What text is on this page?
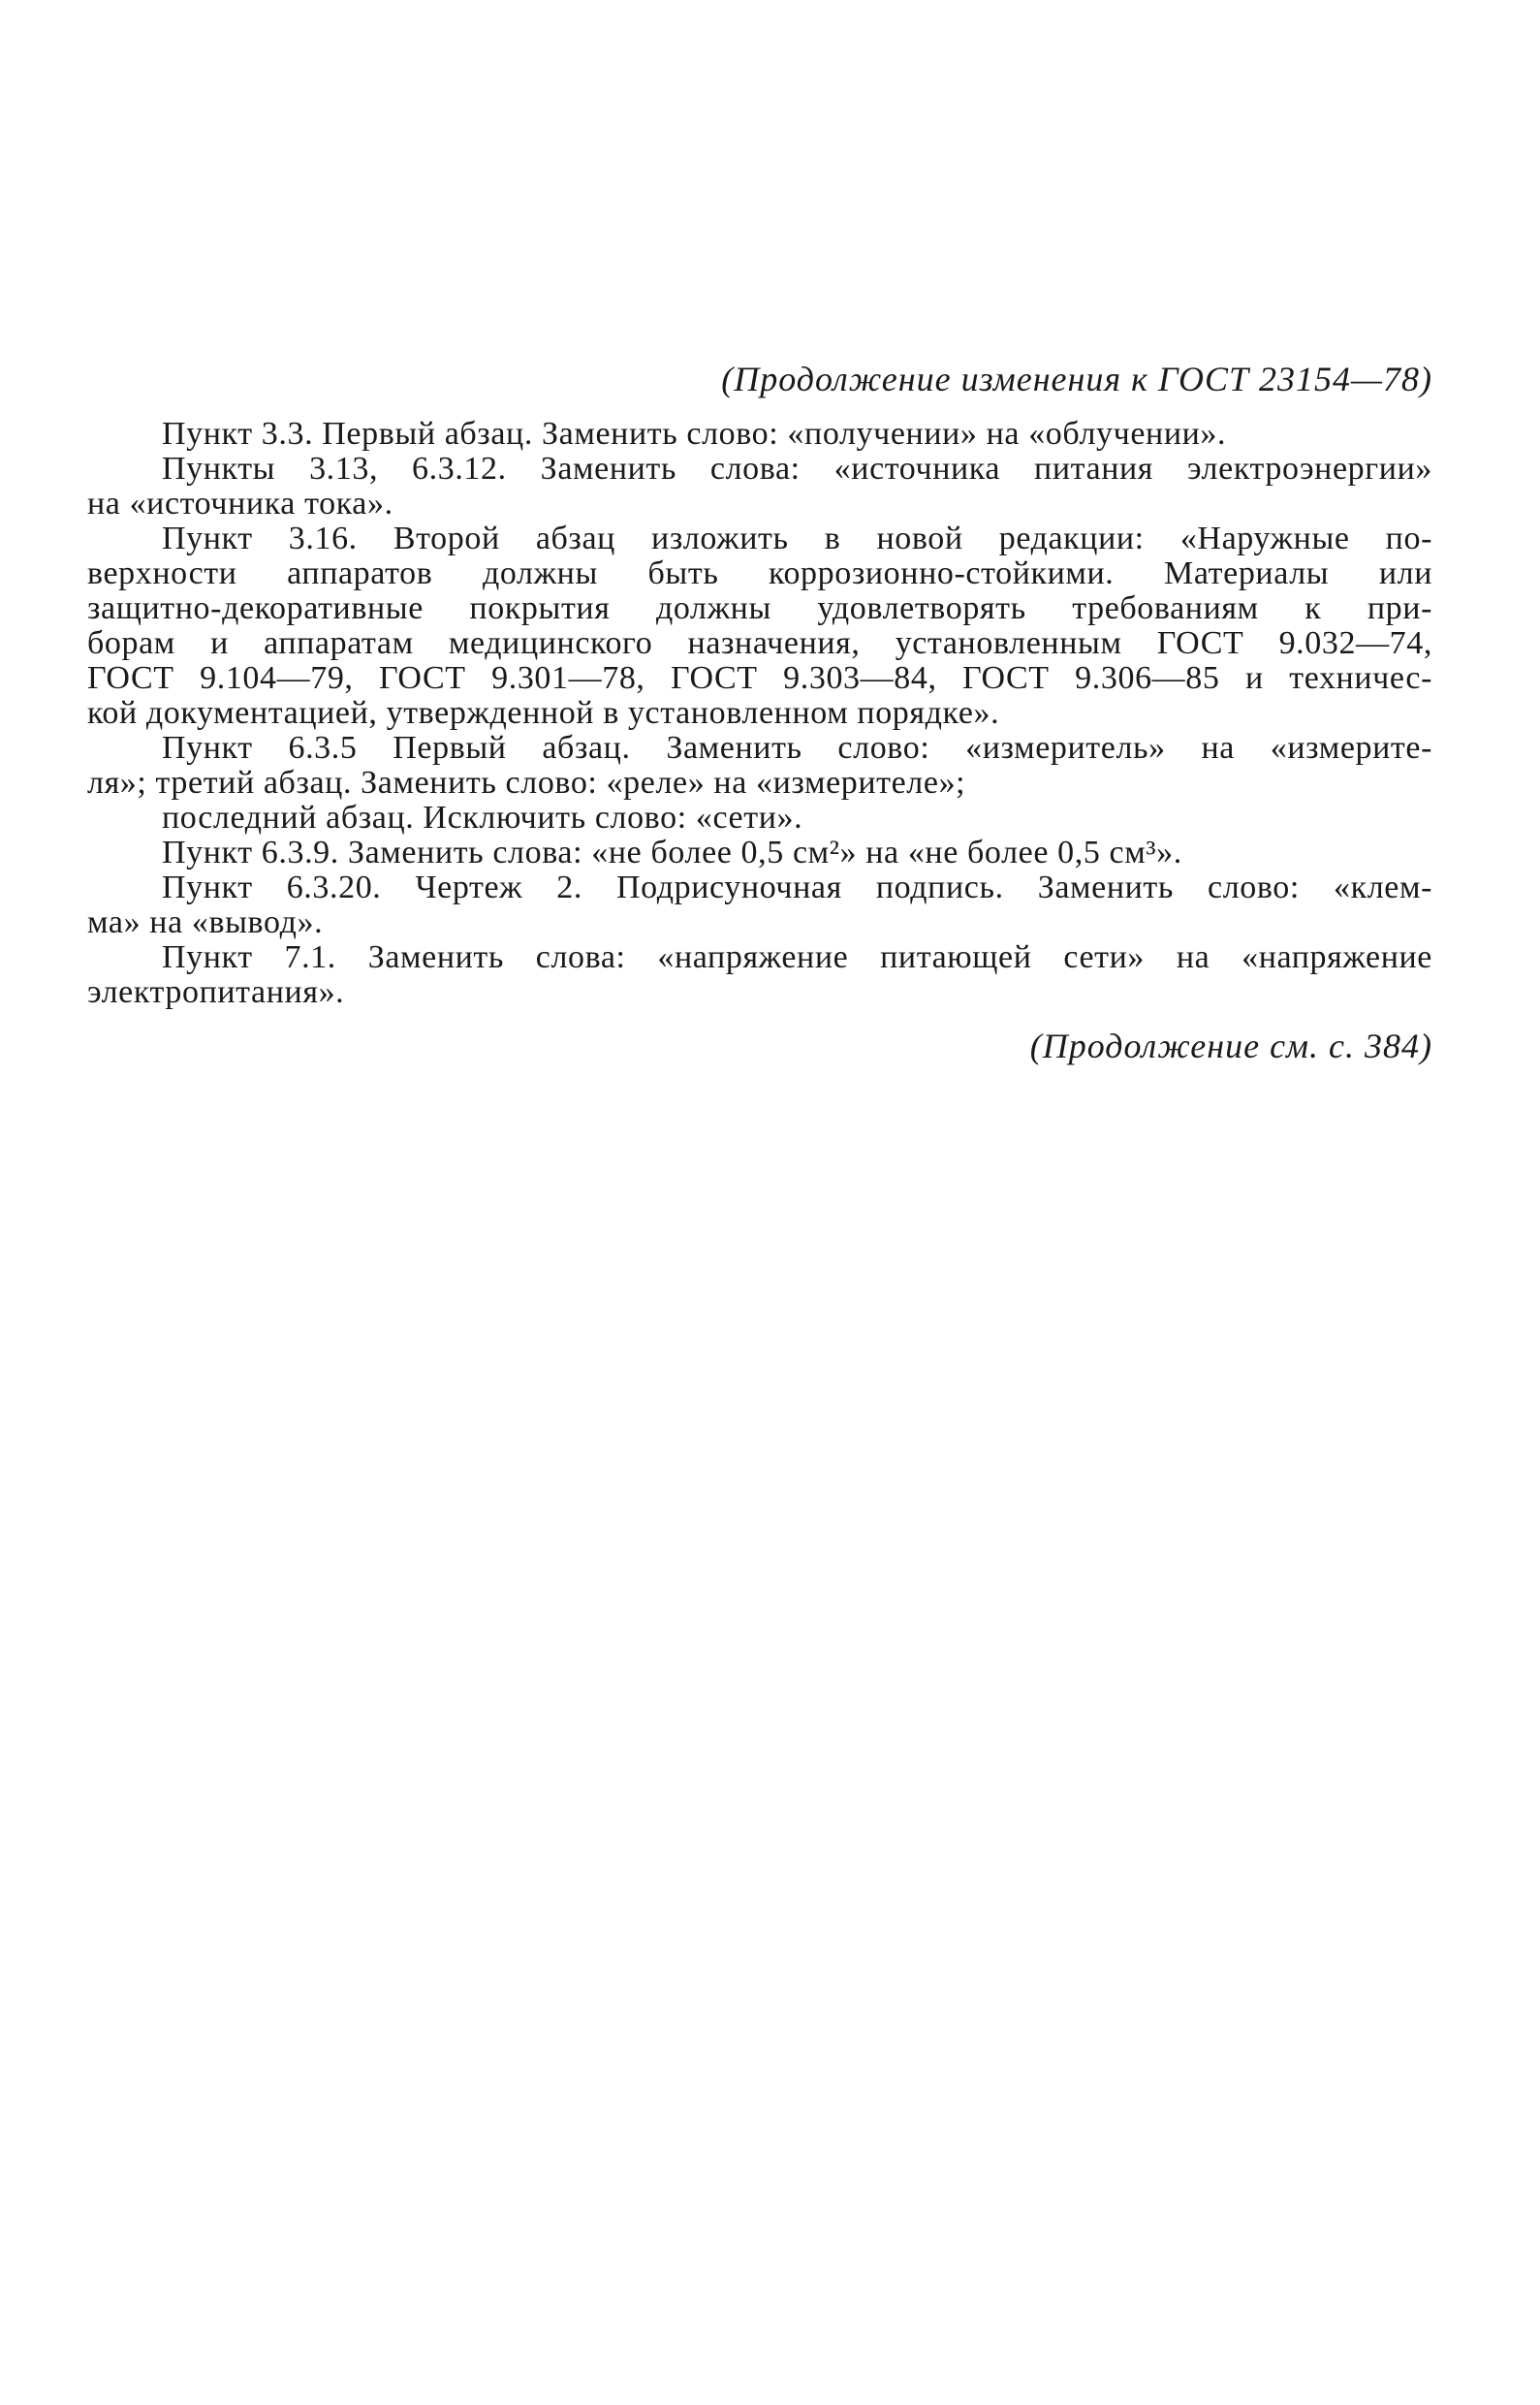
(Продолжение изменения к ГОСТ 23154—78)

Пункт 3.3. Первый абзац. Заменить слово: «получении» на «облучении».

Пункты 3.13, 6.3.12. Заменить слова: «источника питания электроэнергии»
на «источника тока».

Пункт 3.16. Второй абзац изложить в новой редакции: «Наружные по-
верхности аппаратов должны быть коррозионно-стойкими. Материалы или
защитно-декоративные покрытия должны удовлетворять требованиям к при-
борам и аппаратам медицинского назначения, установленным ГОСТ 9.032—74,
ГОСТ 9.104—79, ГОСТ 9.301—78, ГОСТ 9.303—84, ГОСТ 9.306—85 и техничес-
кой документацией, утвержденной в установленном порядке».

Пункт 6.3.5 Первый абзац. Заменить слово: «измеритель» на «измерите-
ля»; третий абзац. Заменить слово: «реле» на «измерителе»;

последний абзац. Исключить слово: «сети».

Пункт 6.3.9. Заменить слова: «не более 0,5 см²» на «не более 0,5 см³».

Пункт 6.3.20. Чертеж 2. Подрисуночная подпись. Заменить слово: «клем-
ма» на «вывод».

Пункт 7.1. Заменить слова: «напряжение питающей сети» на «напряжение
электропитания».

(Продолжение см. с. 384)
